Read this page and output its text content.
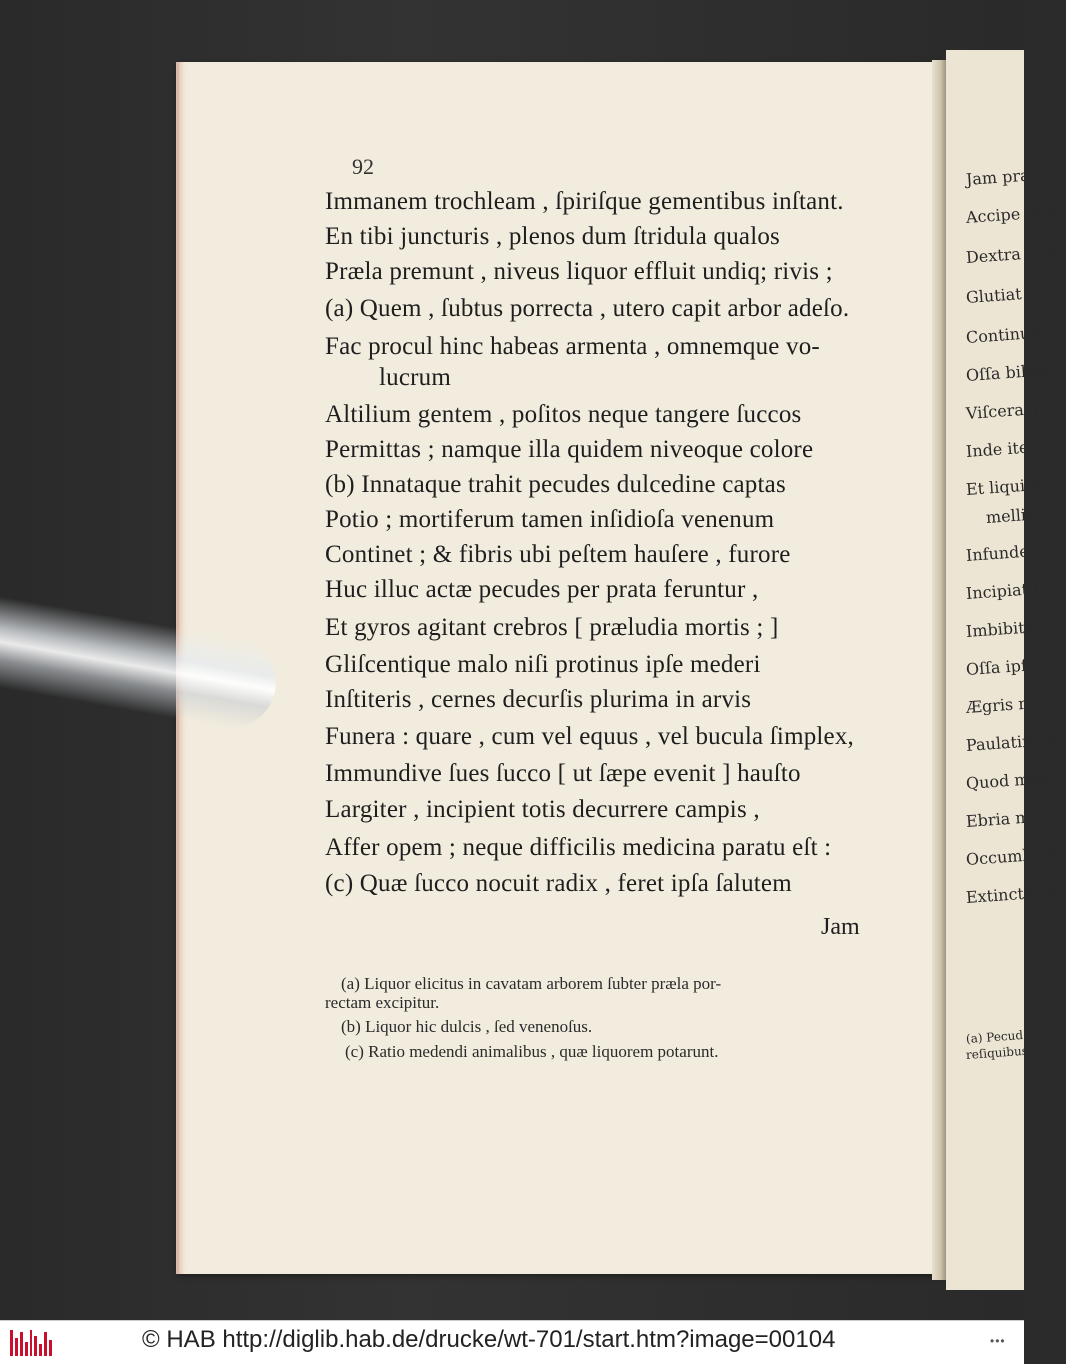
92
Immanem trochleam , ſpiriſque gementibus inſtant.
En tibi juncturis , plenos dum ſtridula qualos
Præla premunt , niveus liquor effluit undiq; rivis ;
(a) Quem , ſubtus porrecta , utero capit arbor adeſo.
Fac procul hinc habeas armenta , omnemque vo-
lucrum
Altilium gentem , poſitos neque tangere ſuccos
Permittas ; namque illa quidem niveoque colore
(b) Innataque trahit pecudes dulcedine captas
Potio ; mortiferum tamen inſidioſa venenum
Continet ; & fibris ubi peſtem hauſere , furore
Huc illuc actæ pecudes per prata feruntur ,
Et gyros agitant crebros [ præludia mortis ; ]
Gliſcentique malo niſi protinus ipſe mederi
Inſtiteris , cernes decurſis plurima in arvis
Funera : quare , cum vel equus , vel bucula ſimplex,
Immundive ſues ſucco [ ut ſæpe evenit ] hauſto
Largiter , incipient totis decurrere campis ,
Affer opem ; neque difficilis medicina paratu eſt :
(c) Quæ ſucco nocuit radix , feret ipſa ſalutem
Jam
(a) Liquor elicitus in cavatam arborem ſubter præla por-
rectam excipitur.
(b) Liquor hic dulcis , ſed venenoſus.
(c) Ratio medendi animalibus , quæ liquorem potarunt.
Jam prælo
Accipe raſa
Dextra pote
Glutiat , i
Continuò
Oſſa bibax
Viſcera q
Inde iteru
Et liquidi
mellis
Infundes
Incipiat f
Imbibitu
Oſſa ipſa
Ægris red
Paulatim vi
Quod med
Ebria mort
Occumbent
Extinctas a
(a) Pecud
reſiquibus .
© HAB http://diglib.hab.de/drucke/wt-701/start.htm?image=00104	•••
